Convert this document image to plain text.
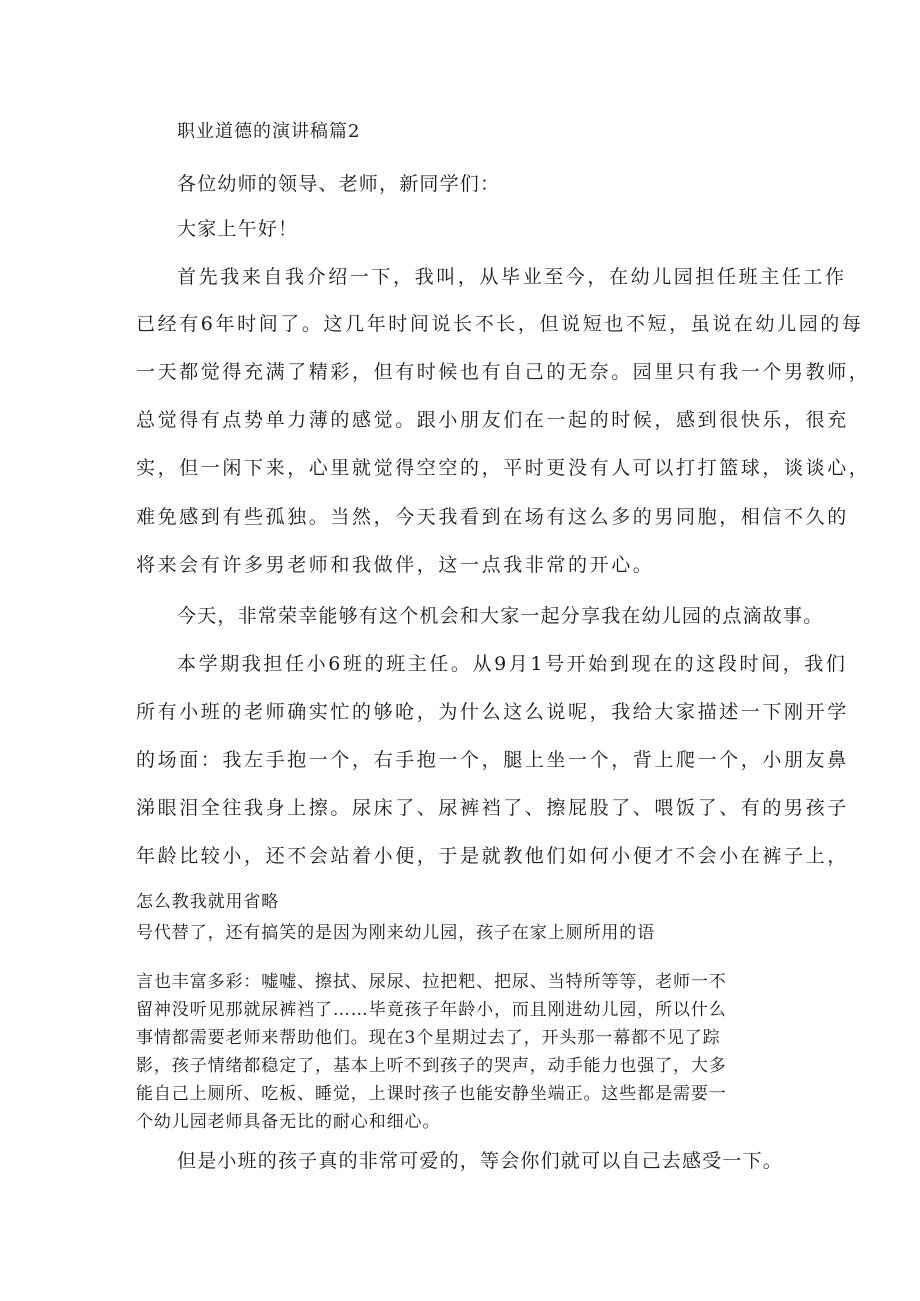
职业道德的演讲稿篇2

各位幼师的领导、老师，新同学们：

大家上午好！

首先我来自我介绍一下，我叫，从毕业至今，在幼儿园担任班主任工作

已经有6年时间了。这几年时间说长不长，但说短也不短，虽说在幼儿园的每

一天都觉得充满了精彩，但有时候也有自己的无奈。园里只有我一个男教师，

总觉得有点势单力薄的感觉。跟小朋友们在一起的时候，感到很快乐，很充

实，但一闲下来，心里就觉得空空的，平时更没有人可以打打篮球，谈谈心，

难免感到有些孤独。当然，今天我看到在场有这么多的男同胞，相信不久的

将来会有许多男老师和我做伴，这一点我非常的开心。

今天，非常荣幸能够有这个机会和大家一起分享我在幼儿园的点滴故事。

本学期我担任小6班的班主任。从9月1号开始到现在的这段时间，我们

所有小班的老师确实忙的够呛，为什么这么说呢，我给大家描述一下刚开学

的场面：我左手抱一个，右手抱一个，腿上坐一个，背上爬一个，小朋友鼻

涕眼泪全往我身上擦。尿床了、尿裤裆了、擦屁股了、喂饭了、有的男孩子

年龄比较小，还不会站着小便，于是就教他们如何小便才不会小在裤子上，

怎么教我就用省略

号代替了，还有搞笑的是因为刚来幼儿园，孩子在家上厕所用的语

言也丰富多彩：嘘嘘、擦拭、尿尿、拉把粑、把尿、当特所等等，老师一不

留神没听见那就尿裤裆了……毕竟孩子年龄小，而且刚进幼儿园，所以什么

事情都需要老师来帮助他们。现在3个星期过去了，开头那一幕都不见了踪

影，孩子情绪都稳定了，基本上听不到孩子的哭声，动手能力也强了，大多

能自己上厕所、吃板、睡觉，上课时孩子也能安静坐端正。这些都是需要一

个幼儿园老师具备无比的耐心和细心。

但是小班的孩子真的非常可爱的，等会你们就可以自己去感受一下。
